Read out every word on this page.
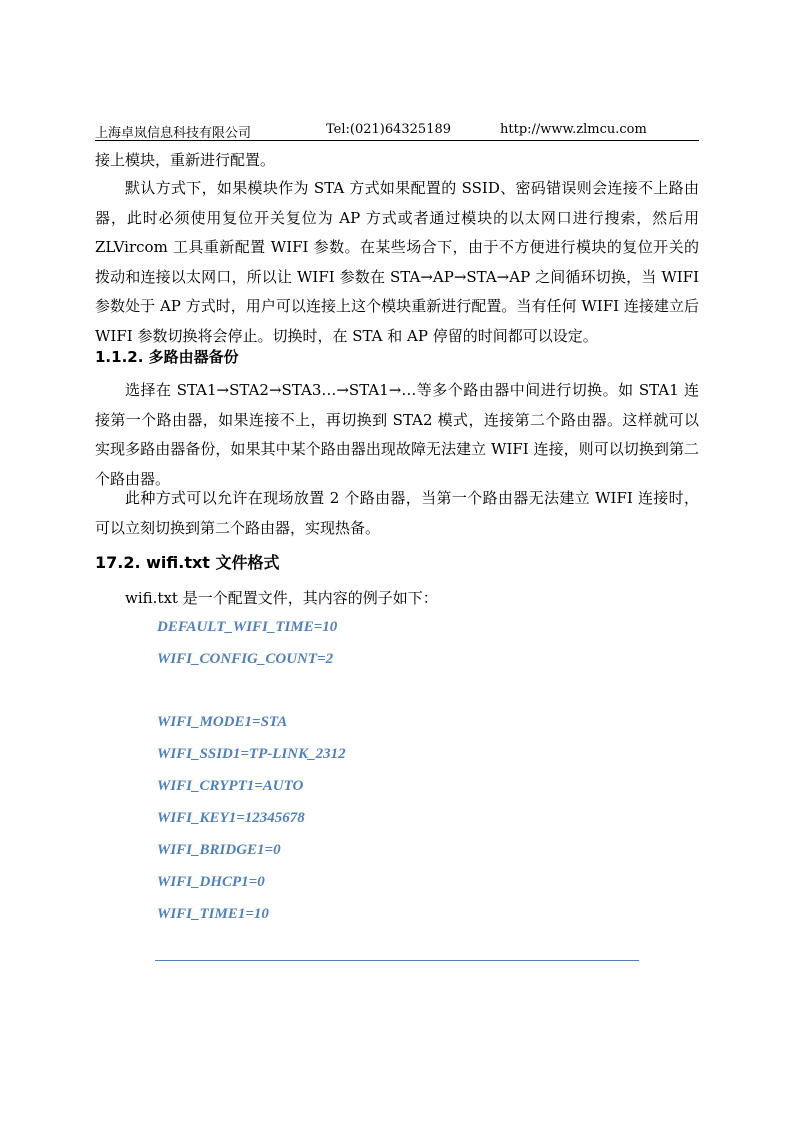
上海卓岚信息科技有限公司	Tel:(021)64325189	http://www.zlmcu.com
接上模块，重新进行配置。
默认方式下，如果模块作为 STA 方式如果配置的 SSID、密码错误则会连接不上路由器，此时必须使用复位开关复位为 AP 方式或者通过模块的以太网口进行搜索，然后用 ZLVircom 工具重新配置 WIFI 参数。在某些场合下，由于不方便进行模块的复位开关的拨动和连接以太网口，所以让 WIFI 参数在 STA→AP→STA→AP 之间循环切换，当 WIFI 参数处于 AP 方式时，用户可以连接上这个模块重新进行配置。当有任何 WIFI 连接建立后 WIFI 参数切换将会停止。切换时，在 STA 和 AP 停留的时间都可以设定。
1.1.2. 多路由器备份
选择在 STA1→STA2→STA3…→STA1→…等多个路由器中间进行切换。如 STA1 连接第一个路由器，如果连接不上，再切换到 STA2 模式，连接第二个路由器。这样就可以实现多路由器备份，如果其中某个路由器出现故障无法建立 WIFI 连接，则可以切换到第二个路由器。
此种方式可以允许在现场放置 2 个路由器，当第一个路由器无法建立 WIFI 连接时，可以立刻切换到第二个路由器，实现热备。
17.2. wifi.txt 文件格式
wifi.txt 是一个配置文件，其内容的例子如下：
DEFAULT_WIFI_TIME=10
WIFI_CONFIG_COUNT=2
WIFI_MODE1=STA
WIFI_SSID1=TP-LINK_2312
WIFI_CRYPT1=AUTO
WIFI_KEY1=12345678
WIFI_BRIDGE1=0
WIFI_DHCP1=0
WIFI_TIME1=10
